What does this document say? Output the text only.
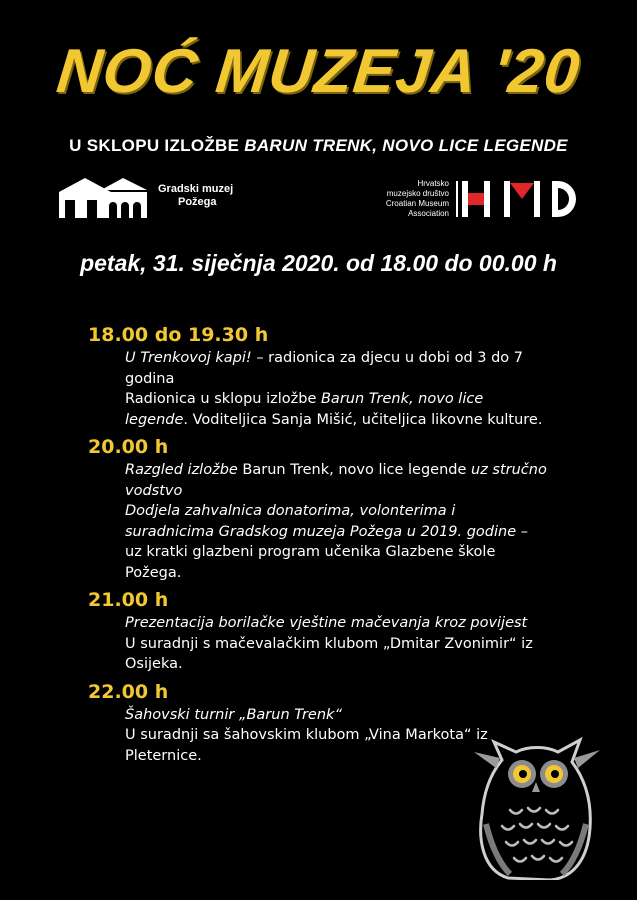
NOĆ MUZEJA '20
U SKLOPU IZLOŽBE BARUN TRENK, NOVO LICE LEGENDE
Gradski muzej
Požega
Hrvatsko
muzejsko društvo
Croatian Museum
Association
petak, 31. siječnja 2020. od 18.00 do 00.00 h
18.00 do 19.30 h
U Trenkovoj kapi! – radionica za djecu u dobi od 3 do 7
godina
Radionica u sklopu izložbe Barun Trenk, novo lice
legende. Voditeljica Sanja Mišić, učiteljica likovne kulture.
20.00 h
Razgled izložbe Barun Trenk, novo lice legende uz stručno
vodstvo
Dodjela zahvalnica donatorima, volonterima i
suradnicima Gradskog muzeja Požega u 2019. godine –
uz kratki glazbeni program učenika Glazbene škole
Požega.
21.00 h
Prezentacija borilačke vještine mačevanja kroz povijest
U suradnji s mačevalačkim klubom „Dmitar Zvonimir“ iz
Osijeka.
22.00 h
Šahovski turnir „Barun Trenk“
U suradnji sa šahovskim klubom „Vina Markota“ iz
Pleternice.
